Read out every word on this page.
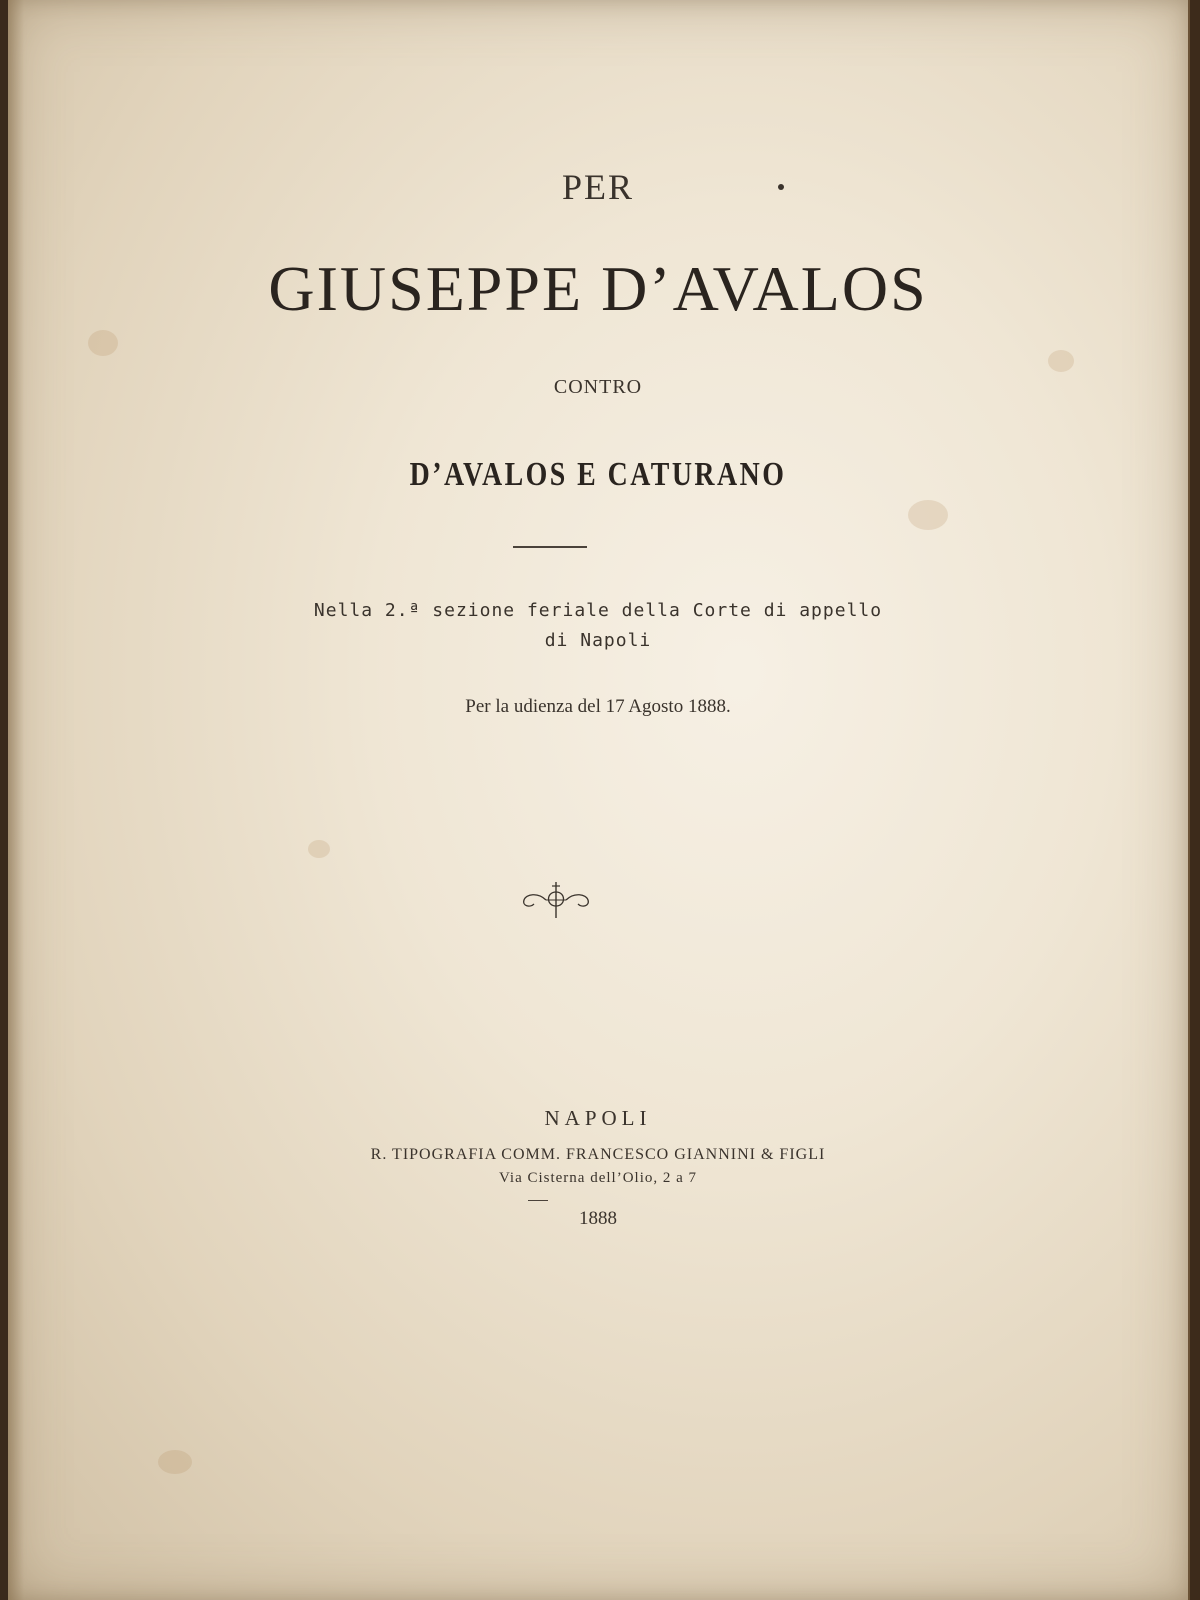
PER
GIUSEPPE D’AVALOS
CONTRO
D’AVALOS E CATURANO
Nella 2.ª sezione feriale della Corte di appello
di Napoli
Per la udienza del 17 Agosto 1888.
NAPOLI
R. TIPOGRAFIA COMM. FRANCESCO GIANNINI & FIGLI
Via Cisterna dell’Olio, 2 a 7
1888
